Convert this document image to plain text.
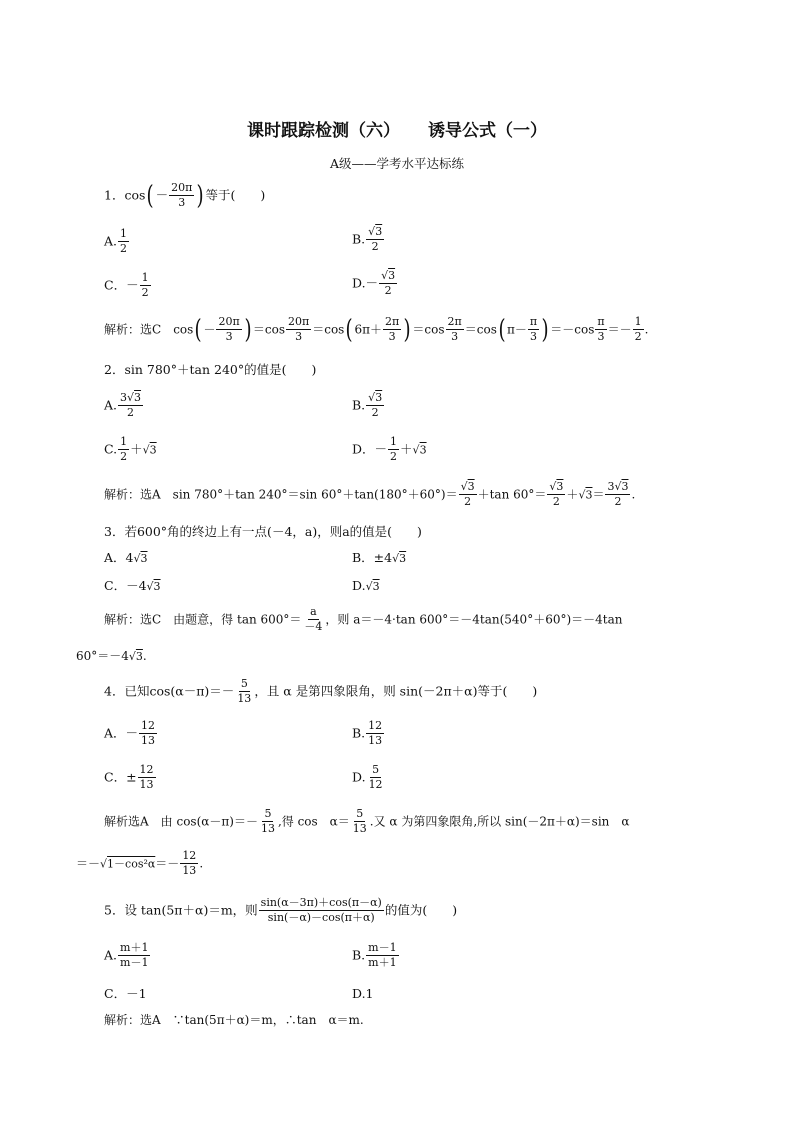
课时跟踪检测（六） 诱导公式（一）
A级——学考水平达标练
1．$\cos( - \frac{20\pi}{3}$ ) 等于(　　)
A. $\frac{1}{2}$	B. $\frac{√3}{2}$
C．－ $\frac{1}{2}$	$D.- \frac{√3}{2}$
解析：选C　 $\cos( - \frac{20\pi}{3}$ ) $=\cos \frac{20\pi}{3} =\cos$( $6\pi+ \frac{2\pi}{3}$ ) $=\cos \frac{2\pi}{3} =\cos$( $\pi- \frac{\pi}{3}$ ) $=-\cos \frac{\pi}{3} =- \frac{1}{2}$ .
2．sin 780°＋tan 240°的值是(　　)
A. $\frac{3√3}{2}$	B. $\frac{√3}{2}$
C. $\frac{1}{2} +√3$	D．－ $\frac{1}{2} +√3$
解析：选A　sin 780°＋tan 240°＝sin $60^\circ+\tan(180^\circ+60^\circ)= \frac{√3}{2} +\tan$ $60^\circ= \frac{√3}{2} +√3= \frac{3√3}{2}$ .
3．若600°角的终边上有一点(－4，a)，则a的值是(　　)
A．4√3	B．±4√3
C．－4√3	D.√3
解析：选C　由题意，得 $\tan 600^\circ= \frac{a}{-4}$ ，则 a＝－4·tan 600°＝－4tan(540°＋60°)＝－4tan
60°＝－4√3.
4．已知$\cos(\alpha-\pi)=- \frac{5}{13}$ ，且 α 是第四象限角，则 sin(－2π＋α)等于(　　)
A．－ $\frac{12}{13}$	B. $\frac{12}{13}$
C．± $\frac{12}{13}$	D. $\frac{5}{12}$
解析选A　由 $\cos(\alpha-\pi)=- \frac{5}{13}$ ,得 cos　$\alpha= \frac{5}{13}$ .又 α 为第四象限角,所以 sin(－2π＋α)＝sin　α
$=-√1-\cos^2\alpha=- \frac{12}{13}$ .
5．设 tan(5π＋α)＝m，则 $\frac{\sin(\alpha-3\pi)+\cos(\pi-\alpha)}{\sin(-\alpha)-\cos(\pi+\alpha)}$ 的值为(　　)
A. $\frac{m+1}{m-1}$	B. $\frac{m-1}{m+1}$
C．－1	D.1
解析：选A　∵tan(5π＋α)＝m，∴tan　α＝m.
